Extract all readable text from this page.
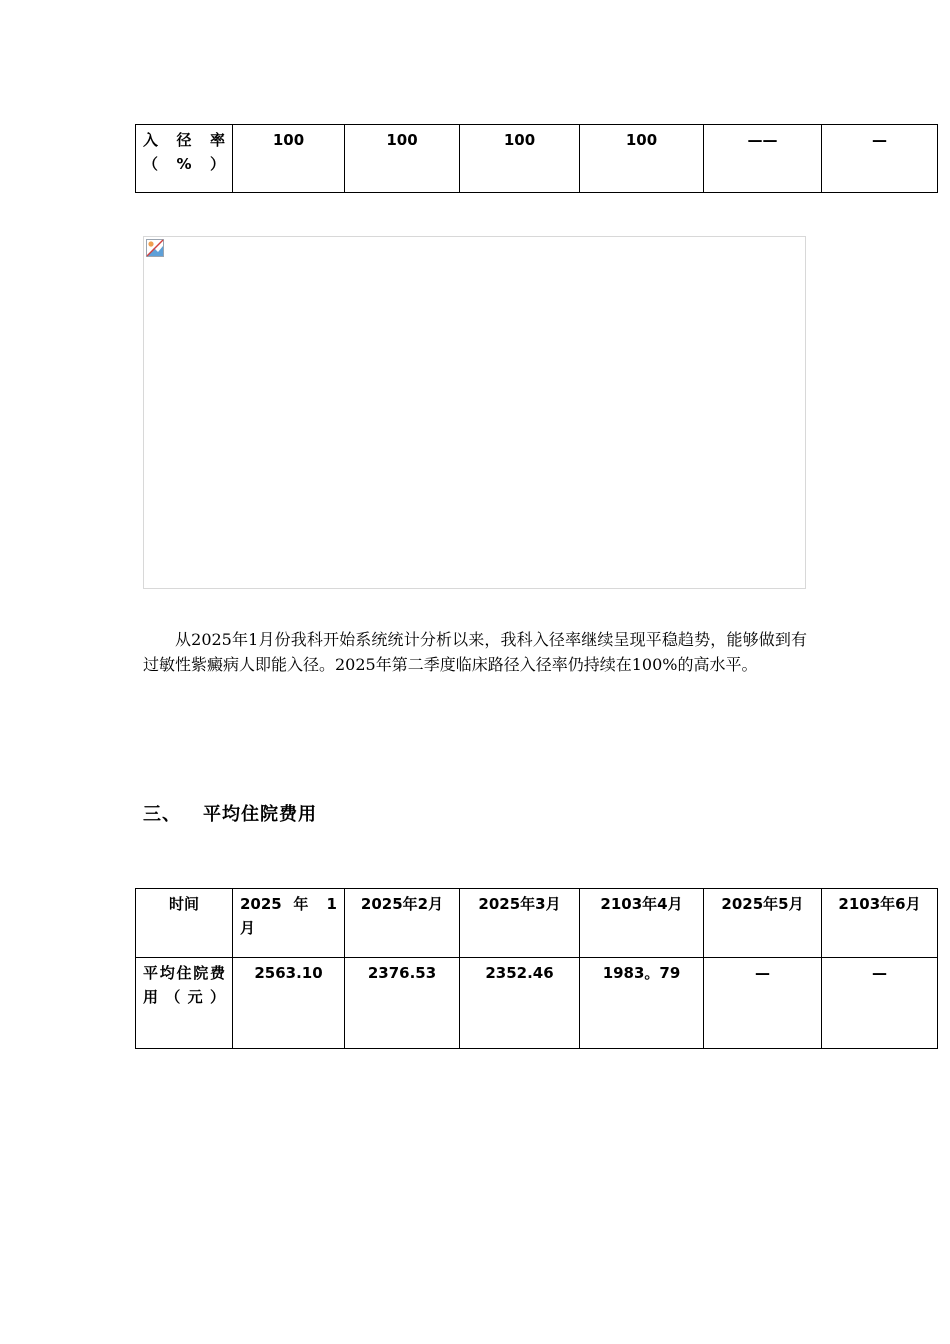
入 径 率（%）	100	100	100	100	——	—

从2025年1月份我科开始系统统计分析以来，我科入径率继续呈现平稳趋势，能够做到有过敏性紫癜病人即能入径。2025年第二季度临床路径入径率仍持续在100%的高水平。

三、 平均住院费用
时间	2025 年 1 月	2025年2月	2025年3月	2103年4月	2025年5月	2103年6月
平均住院费 用（元）	2563.10	2376.53	2352.46	1983。79	—	—
